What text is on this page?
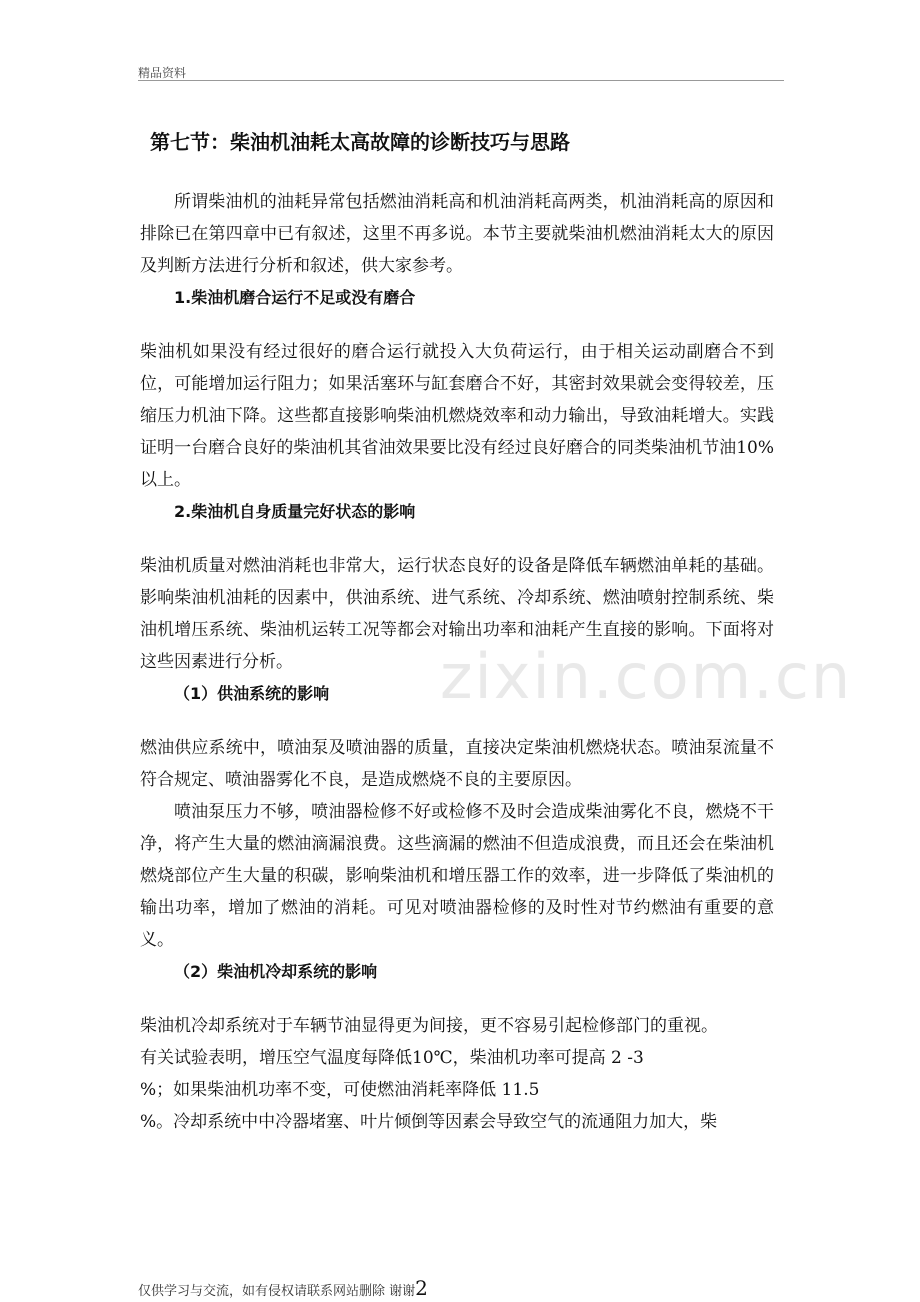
精品资料
zixin.com.cn
第七节：柴油机油耗太高故障的诊断技巧与思路

所谓柴油机的油耗异常包括燃油消耗高和机油消耗高两类，机油消耗高的原因和排除已在第四章中已有叙述，这里不再多说。本节主要就柴油机燃油消耗太大的原因及判断方法进行分析和叙述，供大家参考。

1.柴油机磨合运行不足或没有磨合

柴油机如果没有经过很好的磨合运行就投入大负荷运行，由于相关运动副磨合不到位，可能增加运行阻力；如果活塞环与缸套磨合不好，其密封效果就会变得较差，压缩压力机油下降。这些都直接影响柴油机燃烧效率和动力输出，导致油耗增大。实践证明一台磨合良好的柴油机其省油效果要比没有经过良好磨合的同类柴油机节油10%以上。

2.柴油机自身质量完好状态的影响

柴油机质量对燃油消耗也非常大，运行状态良好的设备是降低车辆燃油单耗的基础。影响柴油机油耗的因素中，供油系统、进气系统、冷却系统、燃油喷射控制系统、柴油机增压系统、柴油机运转工况等都会对输出功率和油耗产生直接的影响。下面将对这些因素进行分析。

（1）供油系统的影响

燃油供应系统中，喷油泵及喷油器的质量，直接决定柴油机燃烧状态。喷油泵流量不符合规定、喷油器雾化不良，是造成燃烧不良的主要原因。

喷油泵压力不够，喷油器检修不好或检修不及时会造成柴油雾化不良，燃烧不干净，将产生大量的燃油滴漏浪费。这些滴漏的燃油不但造成浪费，而且还会在柴油机燃烧部位产生大量的积碳，影响柴油机和增压器工作的效率，进一步降低了柴油机的输出功率，增加了燃油的消耗。可见对喷油器检修的及时性对节约燃油有重要的意义。

（2）柴油机冷却系统的影响

柴油机冷却系统对于车辆节油显得更为间接，更不容易引起检修部门的重视。

有关试验表明，增压空气温度每降低10℃，柴油机功率可提高 2 -3

%；如果柴油机功率不变，可使燃油消耗率降低 11.5

%。冷却系统中中冷器堵塞、叶片倾倒等因素会导致空气的流通阻力加大，柴

仅供学习与交流，如有侵权请联系网站删除 谢谢2
